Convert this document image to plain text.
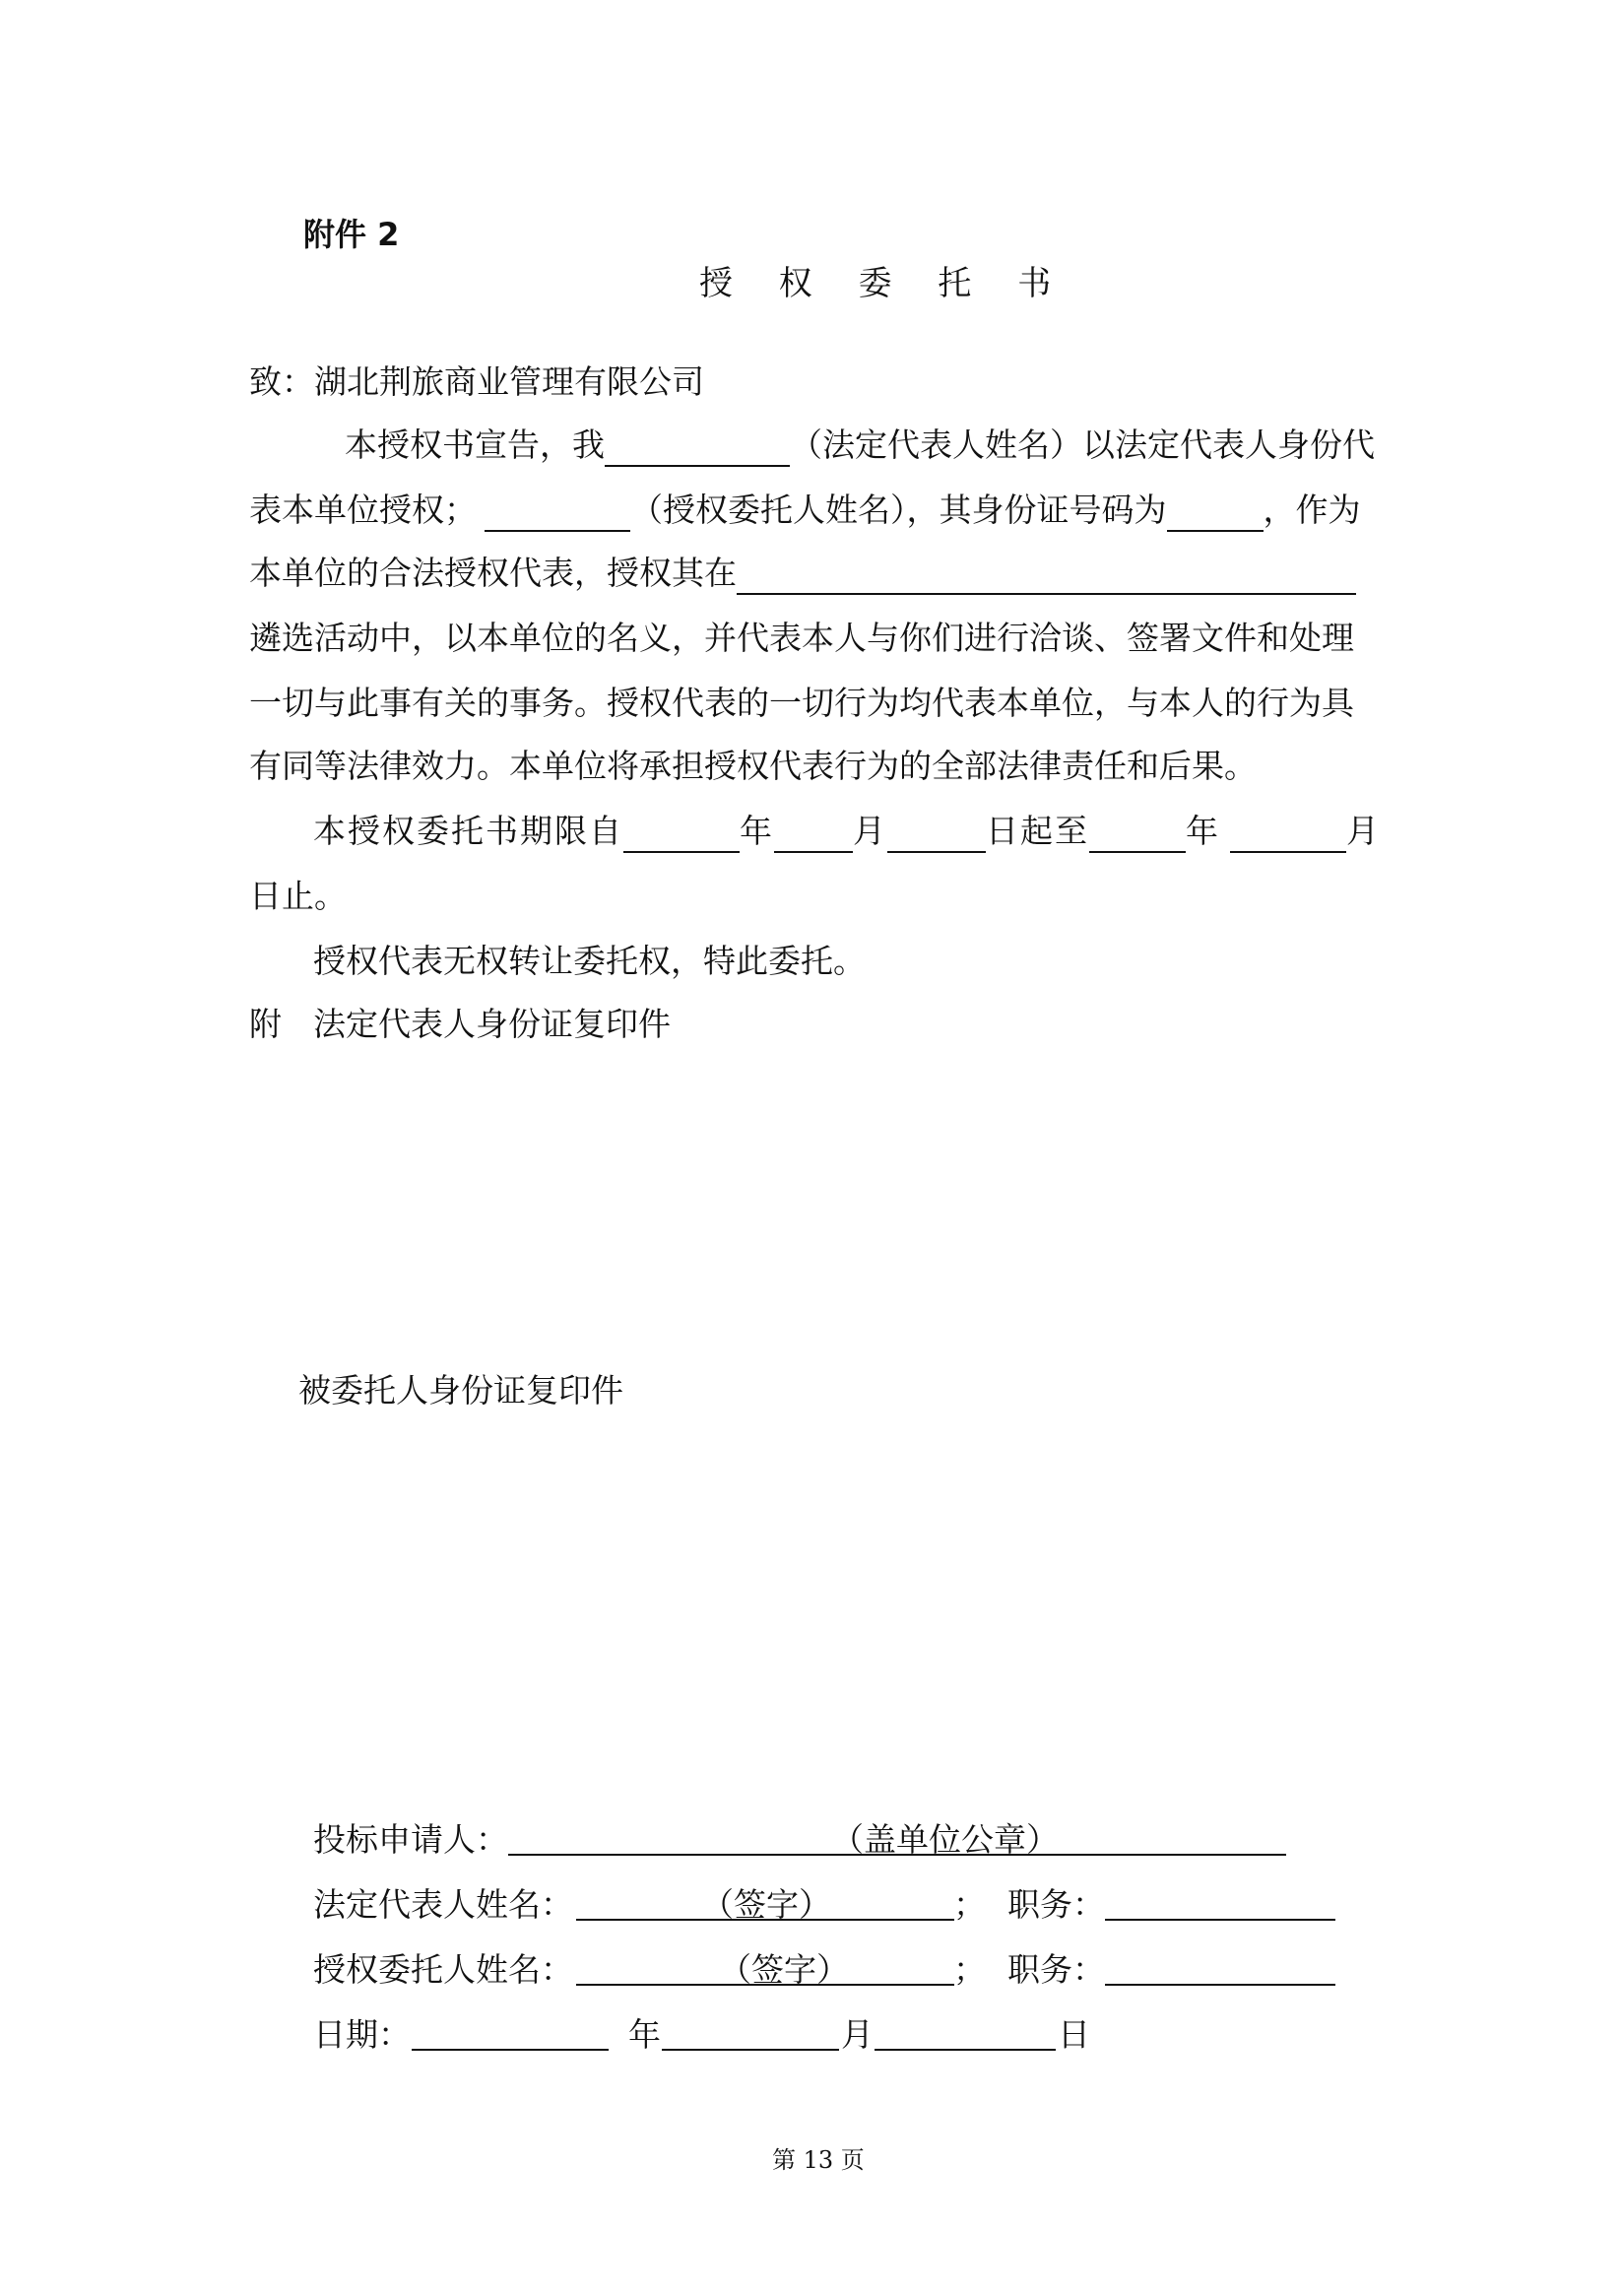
附件 2
授 权 委 托 书
致：湖北荆旅商业管理有限公司
本授权书宣告，我	（法定代表人姓名）以法定代表人身份代
表本单位授权；	（授权委托人姓名），其身份证号码为	，作为
本单位的合法授权代表，授权其在
遴选活动中，以本单位的名义，并代表本人与你们进行洽谈、签署文件和处理
一切与此事有关的事务。授权代表的一切行为均代表本单位，与本人的行为具
有同等法律效力。本单位将承担授权代表行为的全部法律责任和后果。
本授权委托书期限自	年 月	日起至	年	月
日止。
授权代表无权转让委托权，特此委托。
附 法定代表人身份证复印件
被委托人身份证复印件
投标申请人：	（盖单位公章）
法定代表人姓名：	（签字）	； 职务：
授权委托人姓名：	（签字）	； 职务：
日期：	年	月	日
第 13 页
